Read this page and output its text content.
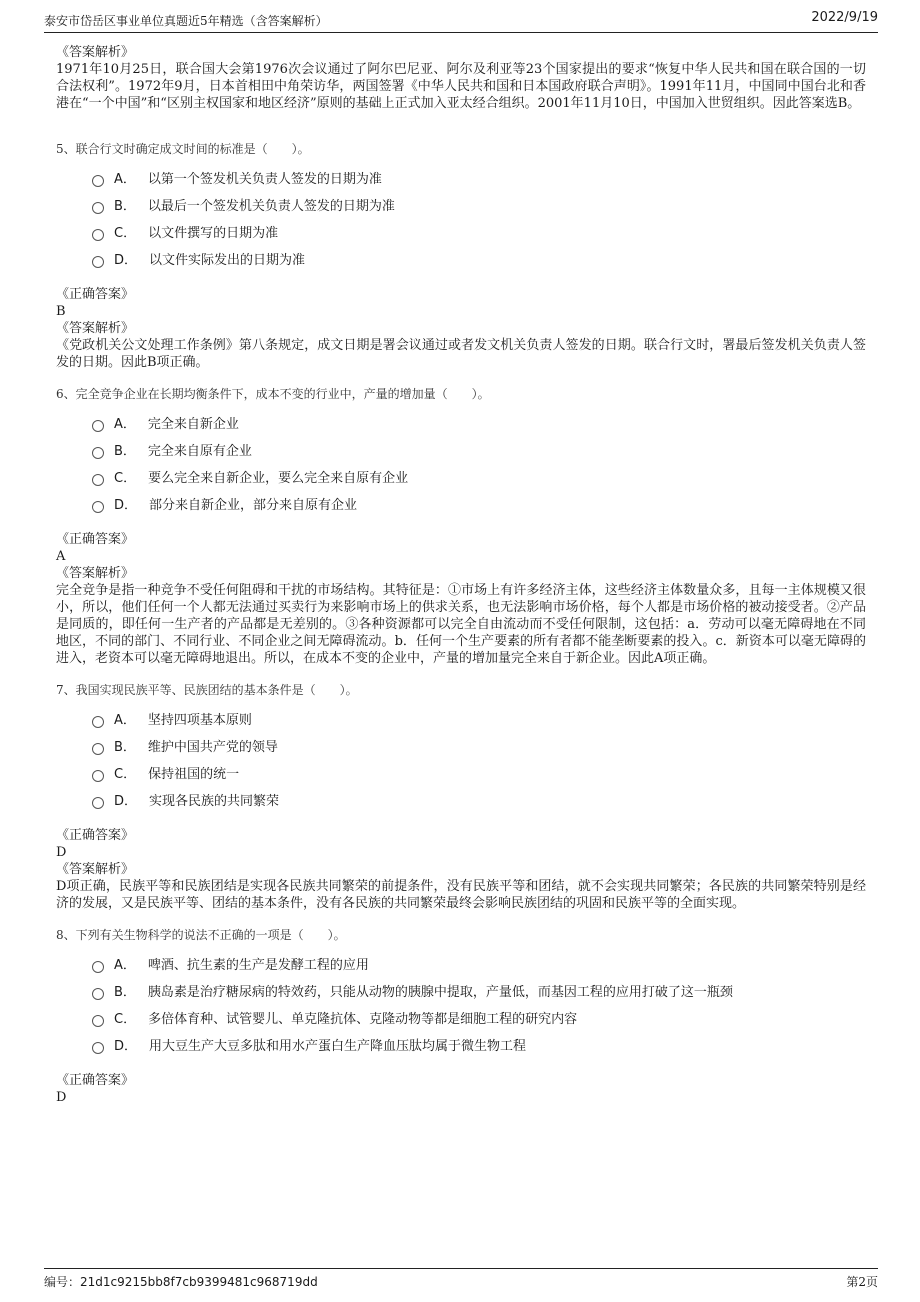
泰安市岱岳区事业单位真题近5年精选（含答案解析）	2022/9/19
《答案解析》

1971年10月25日，联合国大会第1976次会议通过了阿尔巴尼亚、阿尔及利亚等23个国家提出的要求“恢复中华人民共和国在联合国的一切合法权利”。1972年9月，日本首相田中角荣访华，两国签署《中华人民共和国和日本国政府联合声明》。1991年11月，中国同中国台北和香港在“一个中国”和“区别主权国家和地区经济”原则的基础上正式加入亚太经合组织。2001年11月10日，中国加入世贸组织。因此答案选B。

5、联合行文时确定成文时间的标准是（　　）。
A． 以第一个签发机关负责人签发的日期为准
B． 以最后一个签发机关负责人签发的日期为准
C． 以文件撰写的日期为准
D． 以文件实际发出的日期为准
《正确答案》
B
《答案解析》

《党政机关公文处理工作条例》第八条规定，成文日期是署会议通过或者发文机关负责人签发的日期。联合行文时，署最后签发机关负责人签发的日期。因此B项正确。

6、完全竞争企业在长期均衡条件下，成本不变的行业中，产量的增加量（　　）。
A． 完全来自新企业
B． 完全来自原有企业
C． 要么完全来自新企业，要么完全来自原有企业
D． 部分来自新企业，部分来自原有企业
《正确答案》
A
《答案解析》

完全竞争是指一种竞争不受任何阻碍和干扰的市场结构。其特征是：①市场上有许多经济主体，这些经济主体数量众多，且每一主体规模又很小，所以，他们任何一个人都无法通过买卖行为来影响市场上的供求关系，也无法影响市场价格，每个人都是市场价格的被动接受者。②产品是同质的，即任何一生产者的产品都是无差别的。③各种资源都可以完全自由流动而不受任何限制，这包括：a．劳动可以毫无障碍地在不同地区，不同的部门、不同行业、不同企业之间无障碍流动。b．任何一个生产要素的所有者都不能垄断要素的投入。c．新资本可以毫无障碍的进入，老资本可以毫无障碍地退出。所以，在成本不变的企业中，产量的增加量完全来自于新企业。因此A项正确。

7、我国实现民族平等、民族团结的基本条件是（　　）。
A． 坚持四项基本原则
B． 维护中国共产党的领导
C． 保持祖国的统一
D． 实现各民族的共同繁荣
《正确答案》
D
《答案解析》

D项正确，民族平等和民族团结是实现各民族共同繁荣的前提条件，没有民族平等和团结，就不会实现共同繁荣；各民族的共同繁荣特别是经济的发展，又是民族平等、团结的基本条件，没有各民族的共同繁荣最终会影响民族团结的巩固和民族平等的全面实现。

8、下列有关生物科学的说法不正确的一项是（　　）。
A． 啤酒、抗生素的生产是发酵工程的应用
B． 胰岛素是治疗糖尿病的特效药，只能从动物的胰腺中提取，产量低，而基因工程的应用打破了这一瓶颈
C． 多倍体育种、试管婴儿、单克隆抗体、克隆动物等都是细胞工程的研究内容
D． 用大豆生产大豆多肽和用水产蛋白生产降血压肽均属于微生物工程
《正确答案》
D
编号：21d1c9215bb8f7cb9399481c968719dd	第2页
